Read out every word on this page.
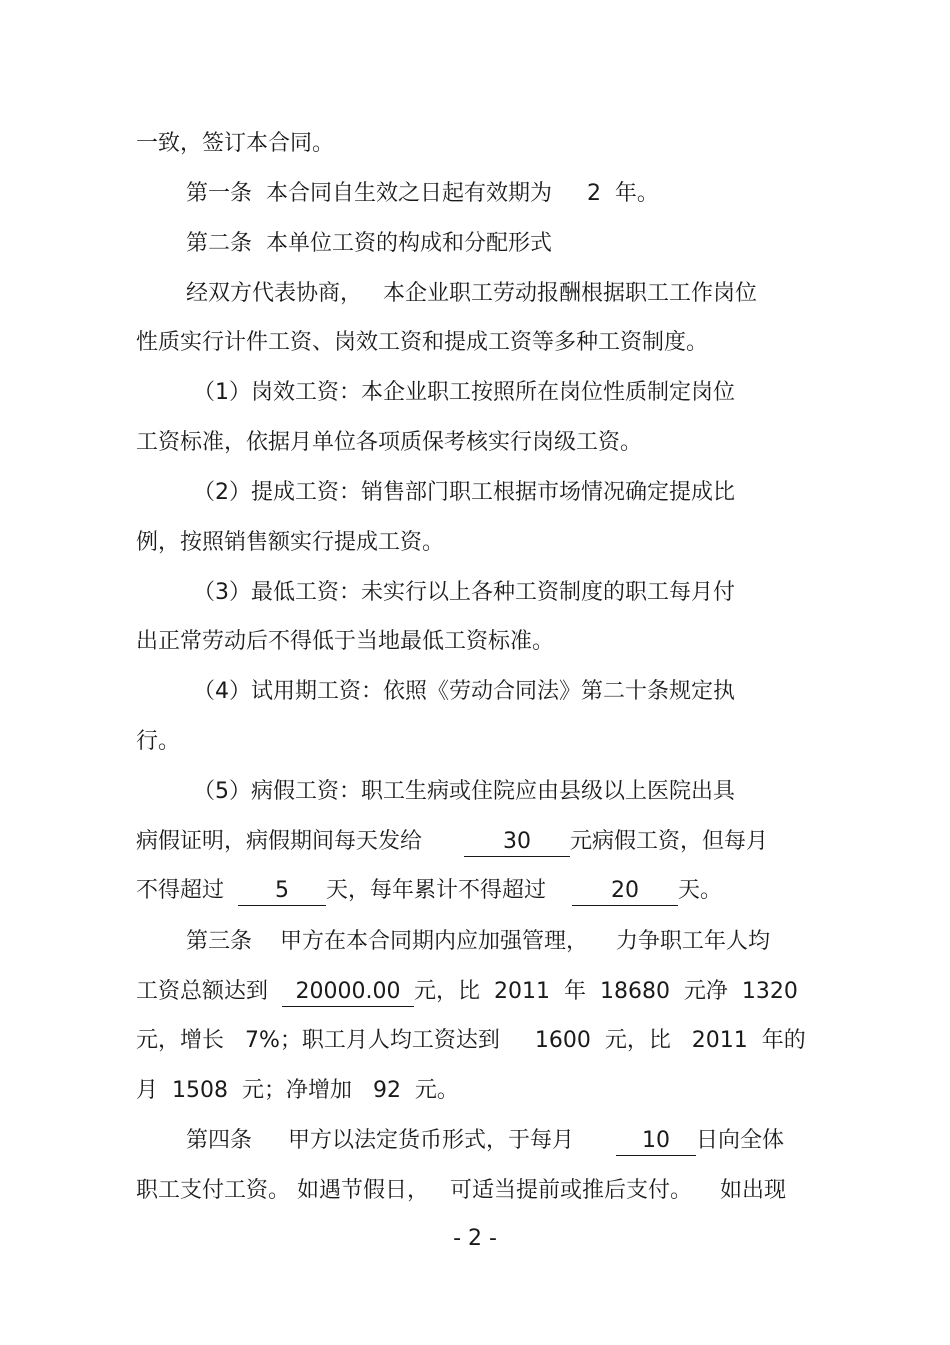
一致，签订本合同。
第一条  本合同自生效之日起有效期为     2  年。
第二条  本单位工资的构成和分配形式
经双方代表协商，   本企业职工劳动报酬根据职工工作岗位
性质实行计件工资、岗效工资和提成工资等多种工资制度。
（1）岗效工资：本企业职工按照所在岗位性质制定岗位
工资标准，依据月单位各项质保考核实行岗级工资。
（2）提成工资：销售部门职工根据市场情况确定提成比
例，按照销售额实行提成工资。
（3）最低工资：未实行以上各种工资制度的职工每月付
出正常劳动后不得低于当地最低工资标准。
（4）试用期工资：依照《劳动合同法》第二十条规定执
行。
（5）病假工资：职工生病或住院应由县级以上医院出具
病假证明，病假期间每天发给	30 元病假工资，但每月
不得超过 5 天，每年累计不得超过	20 天。
第三条    甲方在本合同期内应加强管理，    力争职工年人均
工资总额达到 20000.00 元，比  2011  年  18680  元净  1320
元，增长   7%；职工月人均工资达到     1600  元，比   2011  年的
月  1508  元；净增加   92  元。
第四条 甲方以法定货币形式，于每月	10 日向全体
职工支付工资。 如遇节假日，   可适当提前或推后支付。    如出现
- 2 -
